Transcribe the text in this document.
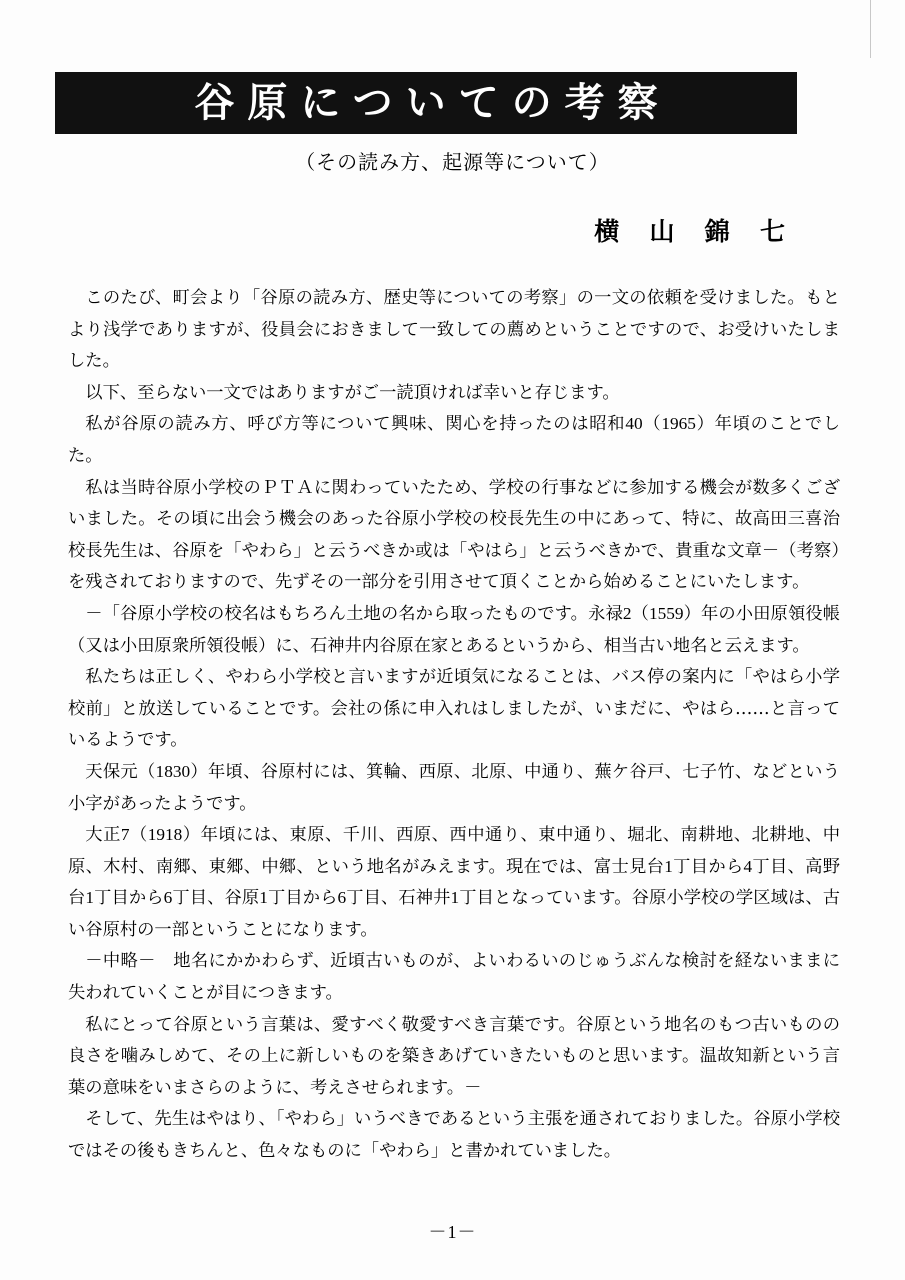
谷原についての考察
（その読み方、起源等について）
横 山 錦 七

このたび、町会より「谷原の読み方、歴史等についての考察」の一文の依頼を受けました。もとより浅学でありますが、役員会におきまして一致しての薦めということですので、お受けいたしました。

以下、至らない一文ではありますがご一読頂ければ幸いと存じます。

私が谷原の読み方、呼び方等について興味、関心を持ったのは昭和40（1965）年頃のことでした。

私は当時谷原小学校のＰＴＡに関わっていたため、学校の行事などに参加する機会が数多くございました。その頃に出会う機会のあった谷原小学校の校長先生の中にあって、特に、故高田三喜治校長先生は、谷原を「やわら」と云うべきか或は「やはら」と云うべきかで、貴重な文章－（考察）を残されておりますので、先ずその一部分を引用させて頂くことから始めることにいたします。

－「谷原小学校の校名はもちろん土地の名から取ったものです。永禄2（1559）年の小田原領役帳（又は小田原衆所領役帳）に、石神井内谷原在家とあるというから、相当古い地名と云えます。

私たちは正しく、やわら小学校と言いますが近頃気になることは、バス停の案内に「やはら小学校前」と放送していることです。会社の係に申入れはしましたが、いまだに、やはら‥‥‥と言っているようです。

天保元（1830）年頃、谷原村には、箕輪、西原、北原、中通り、蕪ケ谷戸、七子竹、などという小字があったようです。

大正7（1918）年頃には、東原、千川、西原、西中通り、東中通り、堀北、南耕地、北耕地、中原、木村、南郷、東郷、中郷、という地名がみえます。現在では、富士見台1丁目から4丁目、高野台1丁目から6丁目、谷原1丁目から6丁目、石神井1丁目となっています。谷原小学校の学区域は、古い谷原村の一部ということになります。

－中略－　地名にかかわらず、近頃古いものが、よいわるいのじゅうぶんな検討を経ないままに失われていくことが目につきます。

私にとって谷原という言葉は、愛すべく敬愛すべき言葉です。谷原という地名のもつ古いものの良さを噛みしめて、その上に新しいものを築きあげていきたいものと思います。温故知新という言葉の意味をいまさらのように、考えさせられます。－

そして、先生はやはり、「やわら」いうべきであるという主張を通されておりました。谷原小学校ではその後もきちんと、色々なものに「やわら」と書かれていました。

－1－
